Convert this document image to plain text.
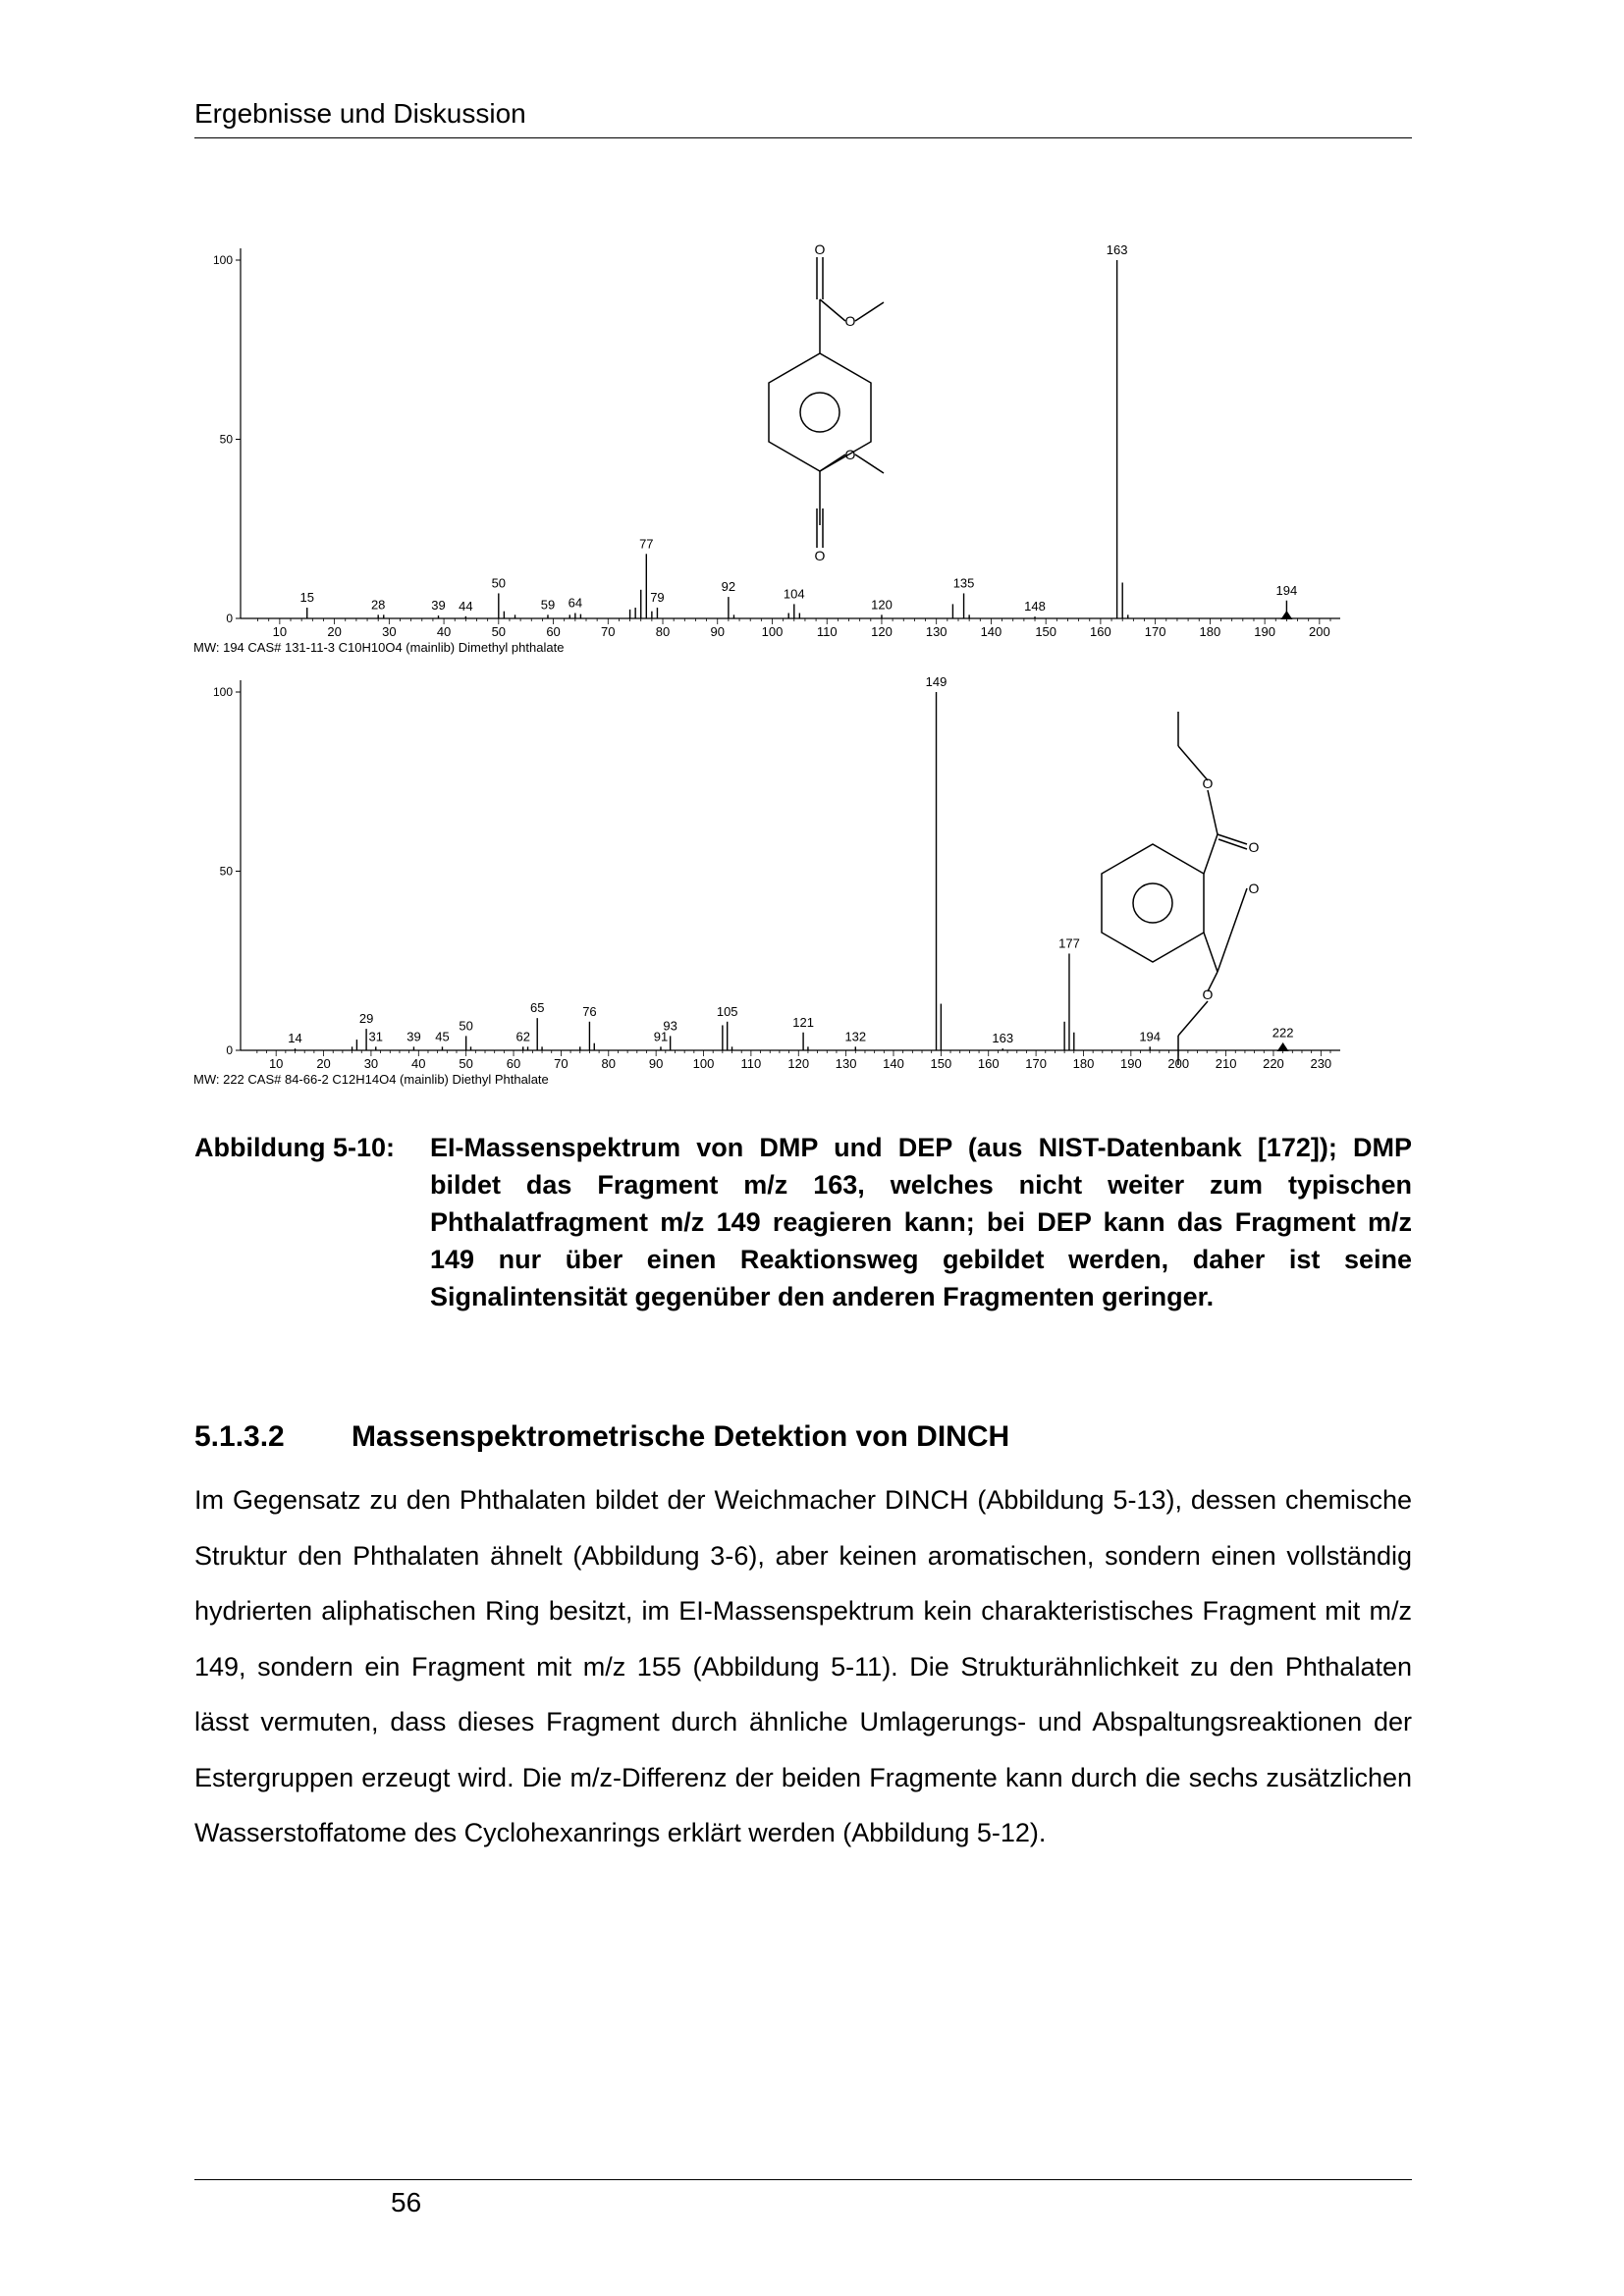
Ergebnisse und Diskussion
0
50
100
10	20	30	40	50	60	70	80	90	100	110	120	130	140	150	160	170	180	190	200
15	28	39 44
50
59 64
77
79
92	104
120
135
148
163
194
MW: 194 CAS# 131-11-3 C10H10O4 (mainlib) Dimethyl phthalate
0
50
100
10	20	30	40	50	60	70	80	90 100 110 120 130 140 150 160 170 180 190 200 210 220 230
14
29
31 39 45
50
62
65	76
91
93
105
121
132
149
163
177
194	222
MW: 222 CAS# 84-66-2 C12H14O4 (mainlib) Diethyl Phthalate
O
O
O
O
O
O
O
O
Abbildung 5-10: EI-Massenspektrum von DMP und DEP (aus NIST-Datenbank [172]); DMP bildet das Fragment m/z 163, welches nicht weiter zum typischen Phthalatfragment m/z 149 reagieren kann; bei DEP kann das Fragment m/z 149 nur über einen Reaktionsweg gebildet werden, daher ist seine Signalintensität gegenüber den anderen Fragmenten geringer.
5.1.3.2 Massenspektrometrische Detektion von DINCH
Im Gegensatz zu den Phthalaten bildet der Weichmacher DINCH (Abbildung 5-13), dessen chemische Struktur den Phthalaten ähnelt (Abbildung 3-6), aber keinen aromatischen, sondern einen vollständig hydrierten aliphatischen Ring besitzt, im EI-Massenspektrum kein charakteristisches Fragment mit m/z 149, sondern ein Fragment mit m/z 155 (Abbildung 5-11). Die Strukturähnlichkeit zu den Phthalaten lässt vermuten, dass dieses Fragment durch ähnliche Umlagerungs- und Abspaltungsreaktionen der Estergruppen erzeugt wird. Die m/z-Differenz der beiden Fragmente kann durch die sechs zusätzlichen Wasserstoffatome des Cyclohexanrings erklärt werden (Abbildung 5-12).
56
